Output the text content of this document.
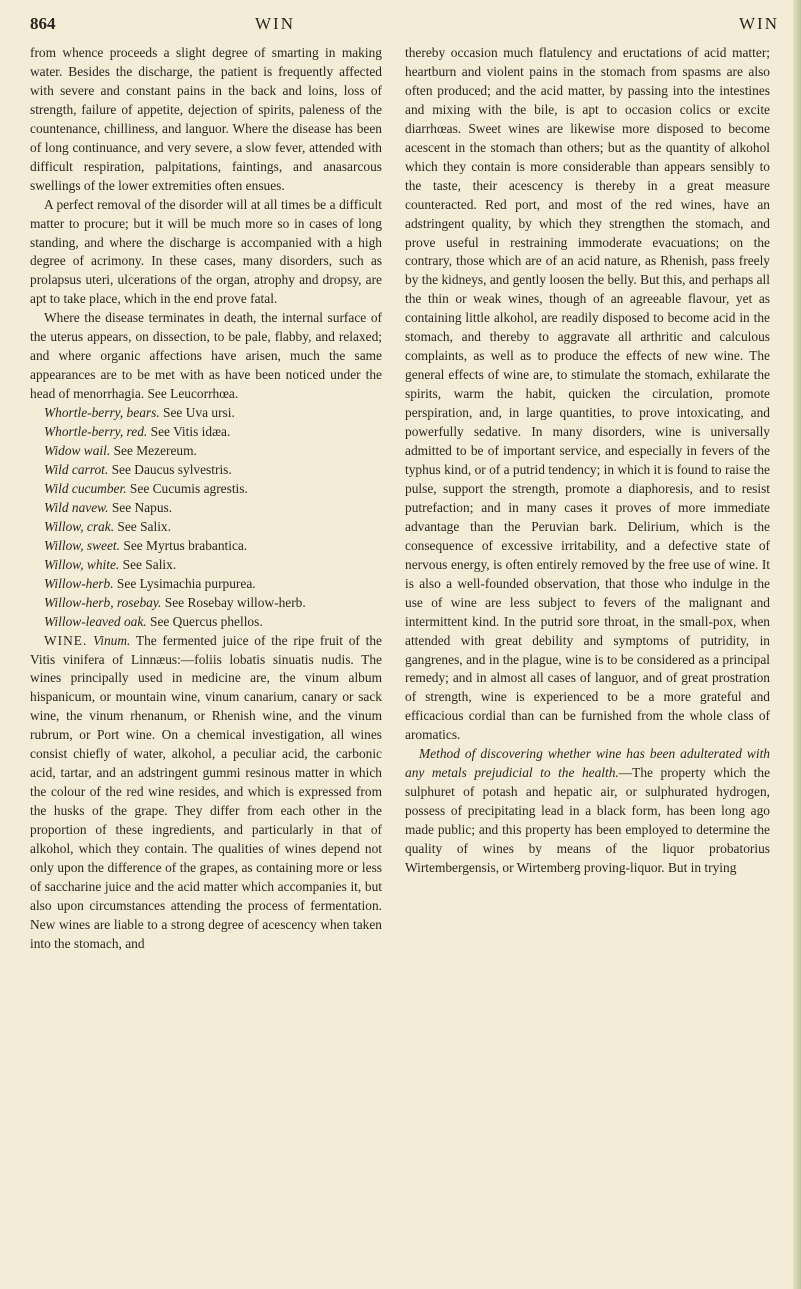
864	WIN	WIN
from whence proceeds a slight degree of smarting in making water. Besides the discharge, the patient is frequently affected with severe and constant pains in the back and loins, loss of strength, failure of appetite, dejection of spirits, paleness of the countenance, chilliness, and languor. Where the disease has been of long continuance, and very severe, a slow fever, attended with difficult respiration, palpitations, faintings, and anasarcous swellings of the lower extremities often ensues.

A perfect removal of the disorder will at all times be a difficult matter to procure; but it will be much more so in cases of long standing, and where the discharge is accompanied with a high degree of acrimony. In these cases, many disorders, such as prolapsus uteri, ulcerations of the organ, atrophy and dropsy, are apt to take place, which in the end prove fatal.

Where the disease terminates in death, the internal surface of the uterus appears, on dissection, to be pale, flabby, and relaxed; and where organic affections have arisen, much the same appearances are to be met with as have been noticed under the head of menorrhagia. See Leucorrhœa.

Whortle-berry, bears. See Uva ursi.
Whortle-berry, red. See Vitis idæa.
Widow wail. See Mezereum.
Wild carrot. See Daucus sylvestris.
Wild cucumber. See Cucumis agrestis.
Wild navew. See Napus.
Willow, crak. See Salix.
Willow, sweet. See Myrtus brabantica.
Willow, white. See Salix.
Willow-herb. See Lysimachia purpurea.
Willow-herb, rosebay. See Rosebay willow-herb.
Willow-leaved oak. See Quercus phellos.

WINE. Vinum. The fermented juice of the ripe fruit of the Vitis vinifera of Linnæus:—foliis lobatis sinuatis nudis. The wines principally used in medicine are, the vinum album hispanicum, or mountain wine, vinum canarium, canary or sack wine, the vinum rhenanum, or Rhenish wine, and the vinum rubrum, or Port wine. On a chemical investigation, all wines consist chiefly of water, alkohol, a peculiar acid, the carbonic acid, tartar, and an adstringent gummi resinous matter in which the colour of the red wine resides, and which is expressed from the husks of the grape. They differ from each other in the proportion of these ingredients, and particularly in that of alkohol, which they contain. The qualities of wines depend not only upon the difference of the grapes, as containing more or less of saccharine juice and the acid matter which accompanies it, but also upon circumstances attending the process of fermentation. New wines are liable to a strong degree of acescency when taken into the stomach, and

thereby occasion much flatulency and eructations of acid matter; heartburn and violent pains in the stomach from spasms are also often produced; and the acid matter, by passing into the intestines and mixing with the bile, is apt to occasion colics or excite diarrhœas. Sweet wines are likewise more disposed to become acescent in the stomach than others; but as the quantity of alkohol which they contain is more considerable than appears sensibly to the taste, their acescency is thereby in a great measure counteracted. Red port, and most of the red wines, have an adstringent quality, by which they strengthen the stomach, and prove useful in restraining immoderate evacuations; on the contrary, those which are of an acid nature, as Rhenish, pass freely by the kidneys, and gently loosen the belly. But this, and perhaps all the thin or weak wines, though of an agreeable flavour, yet as containing little alkohol, are readily disposed to become acid in the stomach, and thereby to aggravate all arthritic and calculous complaints, as well as to produce the effects of new wine. The general effects of wine are, to stimulate the stomach, exhilarate the spirits, warm the habit, quicken the circulation, promote perspiration, and, in large quantities, to prove intoxicating, and powerfully sedative. In many disorders, wine is universally admitted to be of important service, and especially in fevers of the typhus kind, or of a putrid tendency; in which it is found to raise the pulse, support the strength, promote a diaphoresis, and to resist putrefaction; and in many cases it proves of more immediate advantage than the Peruvian bark. Delirium, which is the consequence of excessive irritability, and a defective state of nervous energy, is often entirely removed by the free use of wine. It is also a well-founded observation, that those who indulge in the use of wine are less subject to fevers of the malignant and intermittent kind. In the putrid sore throat, in the small-pox, when attended with great debility and symptoms of putridity, in gangrenes, and in the plague, wine is to be considered as a principal remedy; and in almost all cases of languor, and of great prostration of strength, wine is experienced to be a more grateful and efficacious cordial than can be furnished from the whole class of aromatics.

Method of discovering whether wine has been adulterated with any metals prejudicial to the health.—The property which the sulphuret of potash and hepatic air, or sulphurated hydrogen, possess of precipitating lead in a black form, has been long ago made public; and this property has been employed to determine the quality of wines by means of the liquor probatorius Wirtembergensis, or Wirtemberg proving-liquor. But in trying
